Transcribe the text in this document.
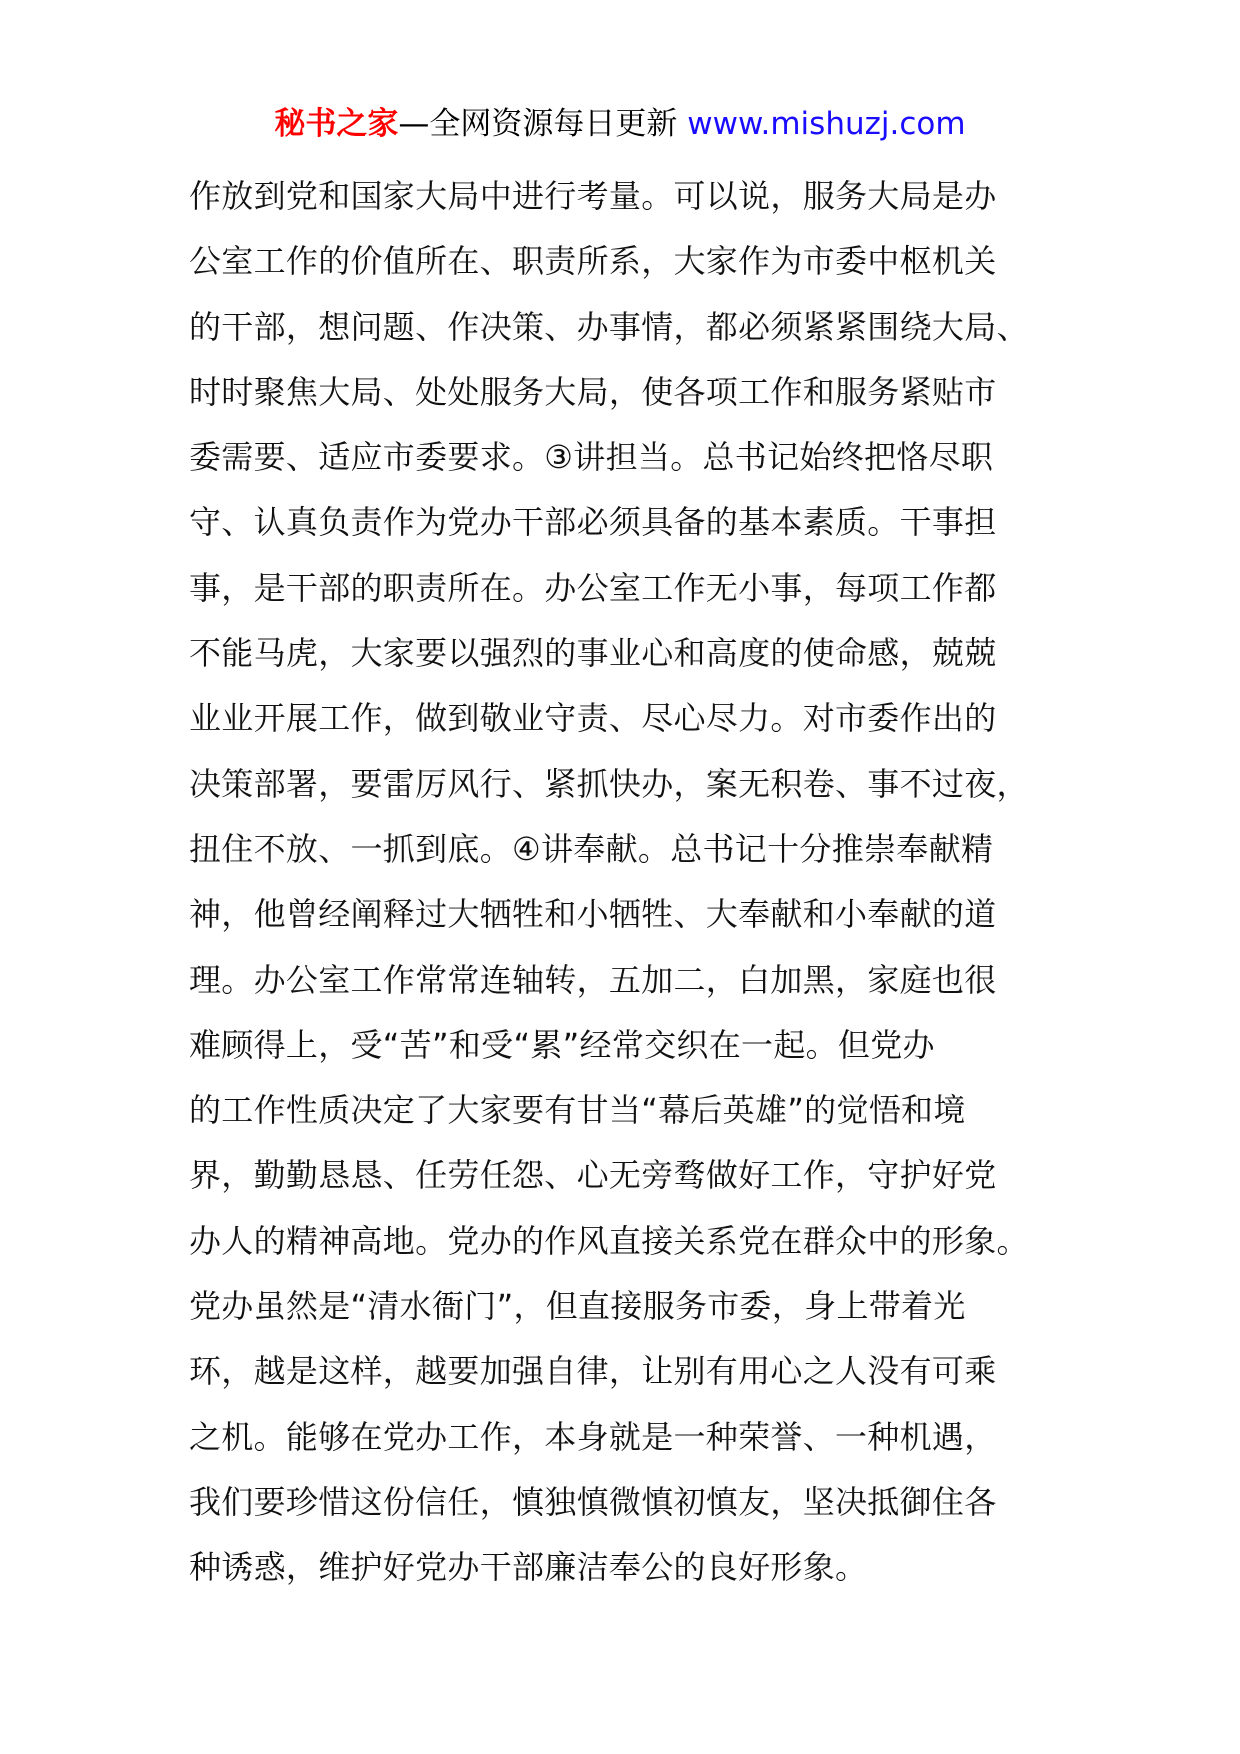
秘书之家—全网资源每日更新 www.mishuzj.com
作放到党和国家大局中进行考量。可以说，服务大局是办
公室工作的价值所在、职责所系，大家作为市委中枢机关
的干部，想问题、作决策、办事情，都必须紧紧围绕大局、
时时聚焦大局、处处服务大局，使各项工作和服务紧贴市
委需要、适应市委要求。③讲担当。总书记始终把恪尽职
守、认真负责作为党办干部必须具备的基本素质。干事担
事，是干部的职责所在。办公室工作无小事，每项工作都
不能马虎，大家要以强烈的事业心和高度的使命感，兢兢
业业开展工作，做到敬业守责、尽心尽力。对市委作出的
决策部署，要雷厉风行、紧抓快办，案无积卷、事不过夜，
扭住不放、一抓到底。④讲奉献。总书记十分推崇奉献精
神，他曾经阐释过大牺牲和小牺牲、大奉献和小奉献的道
理。办公室工作常常连轴转，五加二，白加黑，家庭也很
难顾得上，受“苦”和受“累”经常交织在一起。但党办
的工作性质决定了大家要有甘当“幕后英雄”的觉悟和境
界，勤勤恳恳、任劳任怨、心无旁骛做好工作，守护好党
办人的精神高地。党办的作风直接关系党在群众中的形象。
党办虽然是“清水衙门”，但直接服务市委，身上带着光
环，越是这样，越要加强自律，让别有用心之人没有可乘
之机。能够在党办工作，本身就是一种荣誉、一种机遇，
我们要珍惜这份信任，慎独慎微慎初慎友，坚决抵御住各
种诱惑，维护好党办干部廉洁奉公的良好形象。
